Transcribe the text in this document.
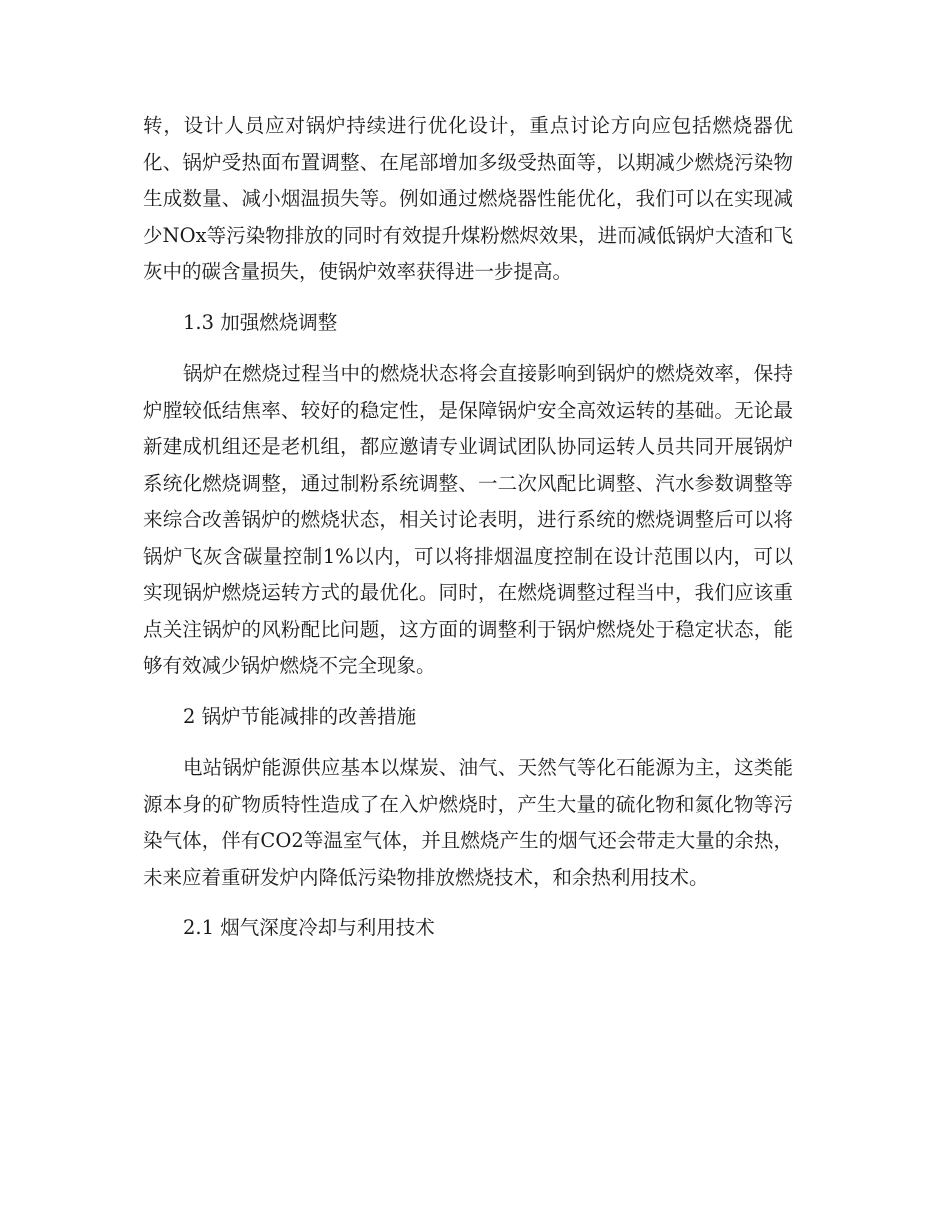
转，设计人员应对锅炉持续进行优化设计，重点讨论方向应包括燃烧器优化、锅炉受热面布置调整、在尾部增加多级受热面等，以期减少燃烧污染物生成数量、减小烟温损失等。例如通过燃烧器性能优化，我们可以在实现减少NOx等污染物排放的同时有效提升煤粉燃烬效果，进而减低锅炉大渣和飞灰中的碳含量损失，使锅炉效率获得进一步提高。

1.3 加强燃烧调整

锅炉在燃烧过程当中的燃烧状态将会直接影响到锅炉的燃烧效率，保持炉膛较低结焦率、较好的稳定性，是保障锅炉安全高效运转的基础。无论最新建成机组还是老机组，都应邀请专业调试团队协同运转人员共同开展锅炉系统化燃烧调整，通过制粉系统调整、一二次风配比调整、汽水参数调整等来综合改善锅炉的燃烧状态，相关讨论表明，进行系统的燃烧调整后可以将锅炉飞灰含碳量控制1%以内，可以将排烟温度控制在设计范围以内，可以实现锅炉燃烧运转方式的最优化。同时，在燃烧调整过程当中，我们应该重点关注锅炉的风粉配比问题，这方面的调整利于锅炉燃烧处于稳定状态，能够有效减少锅炉燃烧不完全现象。

2 锅炉节能减排的改善措施

电站锅炉能源供应基本以煤炭、油气、天然气等化石能源为主，这类能源本身的矿物质特性造成了在入炉燃烧时，产生大量的硫化物和氮化物等污染气体，伴有CO2等温室气体，并且燃烧产生的烟气还会带走大量的余热，未来应着重研发炉内降低污染物排放燃烧技术，和余热利用技术。

2.1 烟气深度冷却与利用技术
